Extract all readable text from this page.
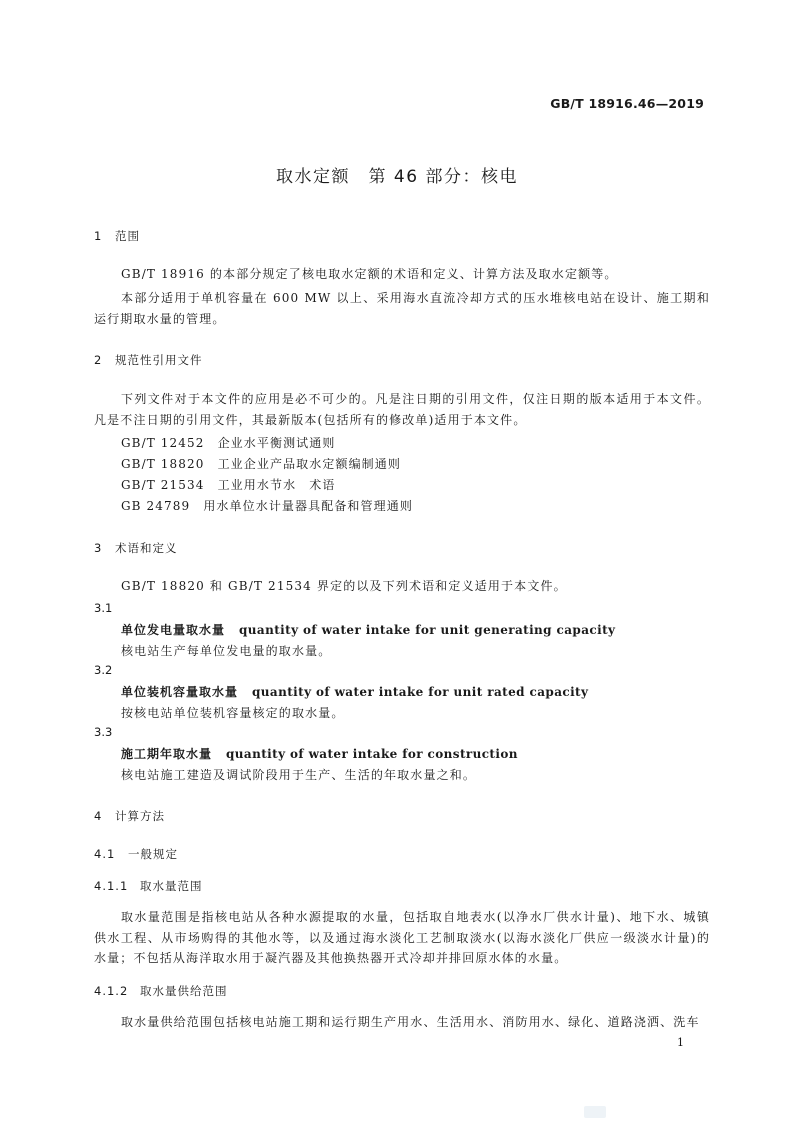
GB/T 18916.46—2019

取水定额　第 46 部分：核电
1 范围

GB/T 18916 的本部分规定了核电取水定额的术语和定义、计算方法及取水定额等。

本部分适用于单机容量在 600 MW 以上、采用海水直流冷却方式的压水堆核电站在设计、施工期和运行期取水量的管理。

2 规范性引用文件

下列文件对于本文件的应用是必不可少的。凡是注日期的引用文件，仅注日期的版本适用于本文件。凡是不注日期的引用文件，其最新版本(包括所有的修改单)适用于本文件。

GB/T 12452　 企业水平衡测试通则

GB/T 18820　 工业企业产品取水定额编制通则

GB/T 21534　 工业用水节水　术语

GB 24789　 用水单位水计量器具配备和管理通则

3 术语和定义

GB/T 18820 和 GB/T 21534 界定的以及下列术语和定义适用于本文件。

3.1

单位发电量取水量 quantity of water intake for unit generating capacity

核电站生产每单位发电量的取水量。

3.2

单位装机容量取水量 quantity of water intake for unit rated capacity

按核电站单位装机容量核定的取水量。

3.3

施工期年取水量 quantity of water intake for construction

核电站施工建造及调试阶段用于生产、生活的年取水量之和。

4 计算方法
4.1 一般规定
4.1.1 取水量范围

取水量范围是指核电站从各种水源提取的水量，包括取自地表水(以净水厂供水计量)、地下水、城镇供水工程、从市场购得的其他水等，以及通过海水淡化工艺制取淡水(以海水淡化厂供应一级淡水计量)的水量；不包括从海洋取水用于凝汽器及其他换热器开式冷却并排回原水体的水量。

4.1.2 取水量供给范围

取水量供给范围包括核电站施工期和运行期生产用水、生活用水、消防用水、绿化、道路浇洒、洗车

1
